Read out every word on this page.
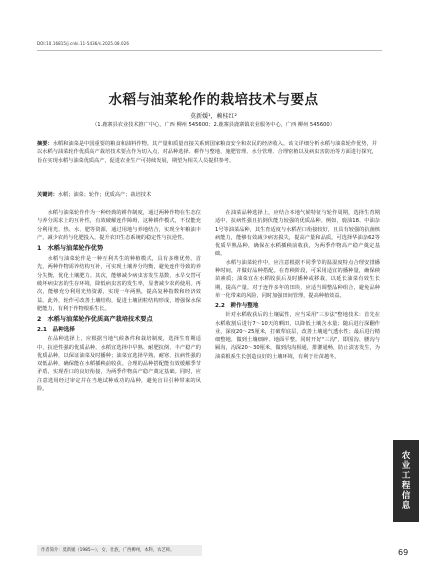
DOI:10.16815/j.cnki.11-5436/s.2025.08.026
水稻与油菜轮作的栽培技术与要点
莫新媛¹，赖桂红²
（1.鹿寨县农业技术推广中心，广西 柳州 545600；2.鹿寨县鹿寨镇农业服务中心，广西 柳州 545600）
摘要：水稻和油菜是中国重要的粮食和油料作物。其产量和质量直接关系到国家粮食安全和农民的经济收入。该文详细分析水稻与油菜轮作优势，并以水稻与油菜轮作优质高产栽培技术要点作为切入点，对品种选择、耕作与整地、施肥管理、水分管理、合理密植以及病虫害防治等方面进行探究，旨在实现水稻与油菜优质高产，促进农业生产可持续发展，期望为相关人员提供参考。
关键词：水稻；油菜；轮作；优质高产；栽培技术

水稻与油菜轮作作为一种经典的耕作制度，通过两种作物在生态位与养分需求上的互补性，有效破解连作障碍，这种耕作模式，不仅能充分利用光、热、水、肥等资源，通过用地与养地结合，实现全年粮油丰产，减少农药与化肥投入，提升农田生态系统的稳定性与抗逆性。

1　水稻与油菜轮作优势

水稻与油菜轮作是一种互利共生的种植模式，具有多维优势。首先，两种作物需养结构互补，可实现土壤养分均衡，避免连作导致的养分失衡，优化土壤肥力。其次，能够减少病虫害发生基数，水旱交替可破坏病虫害的生存环境，降低病虫害的发生率，显著减少农药使用。再次，能够充分利用光热资源，实现一年两熟，提高复种指数和经济效益。此外，轮作可改善土壤结构，促进土壤团粒结构形成，增强保水保肥能力，有利于作物根系生长。

2　水稻与油菜轮作优质高产栽培技术要点
2.1　品种选择

在品种选择上，应根据当地气候条件和栽培制度，选择生育期适中、抗逆性强的优质品种。水稻宜选择中早熟、耐肥抗倒、丰产稳产的优质品种，以保证油菜及时播种；油菜宜选择早熟、耐寒、抗病性强的双低品种，确保能在水稻插秧前收获。合理的品种搭配能有效缓解季节矛盾，实现茬口的良好衔接，为两季作物高产稳产奠定基础。同时，应注意选用经过审定并在当地试种成功的品种，避免盲目引种带来的风险。

在油菜品种选择上，应结合本地气候特征与轮作周期，选择生育期适中、抗病性强且抗倒伏能力较强的优质品种。例如，鹿油18、中油杂1号等油菜品种，其生育适度与水稻茬口衔接较好，且具有较强的抗菌核病能力，能够有效减少病害损失，提高产量和品质。可选择华油杂62等优质早熟品种，确保在水稻插秧前收获，为两季作物高产稳产奠定基础。

水稻与油菜轮作中，应注意根据不同季节的温湿度特点合理安排播种时间，并做好品种搭配。在育秧阶段，可采用适宜的播种量，确保秧苗素质；油菜宜在水稻收获后及时播种或移栽，以延长油菜有效生长期，提高产量。对于连作多年的田块，应适当调整品种组合，避免品种单一化带来的风险，同时加强田间管理，提高种植效益。

2.2　耕作与整地

针对水稻收获后的土壤属性，应当采用"三步法"整地技术：首先在水稻收割后进行7～10天的晒田，以降低土壤含水量；随后进行深翻作业，深度20～25厘米，打破犁底层，改善土壤通气透水性；最后进行精细整地，做到土壤细碎、地面平整。同时开好"三沟"，即围沟、腰沟与厢沟，沟深20～30厘米，做到沟沟相通，排灌通畅，防止渍害发生，为油菜根系生长创造良好的土壤环境，有利于壮苗越冬。

作者简介：莫新媛（1985—），女，壮族，广西柳州，本科，农艺师。
农
业
工
程
信
息
69
